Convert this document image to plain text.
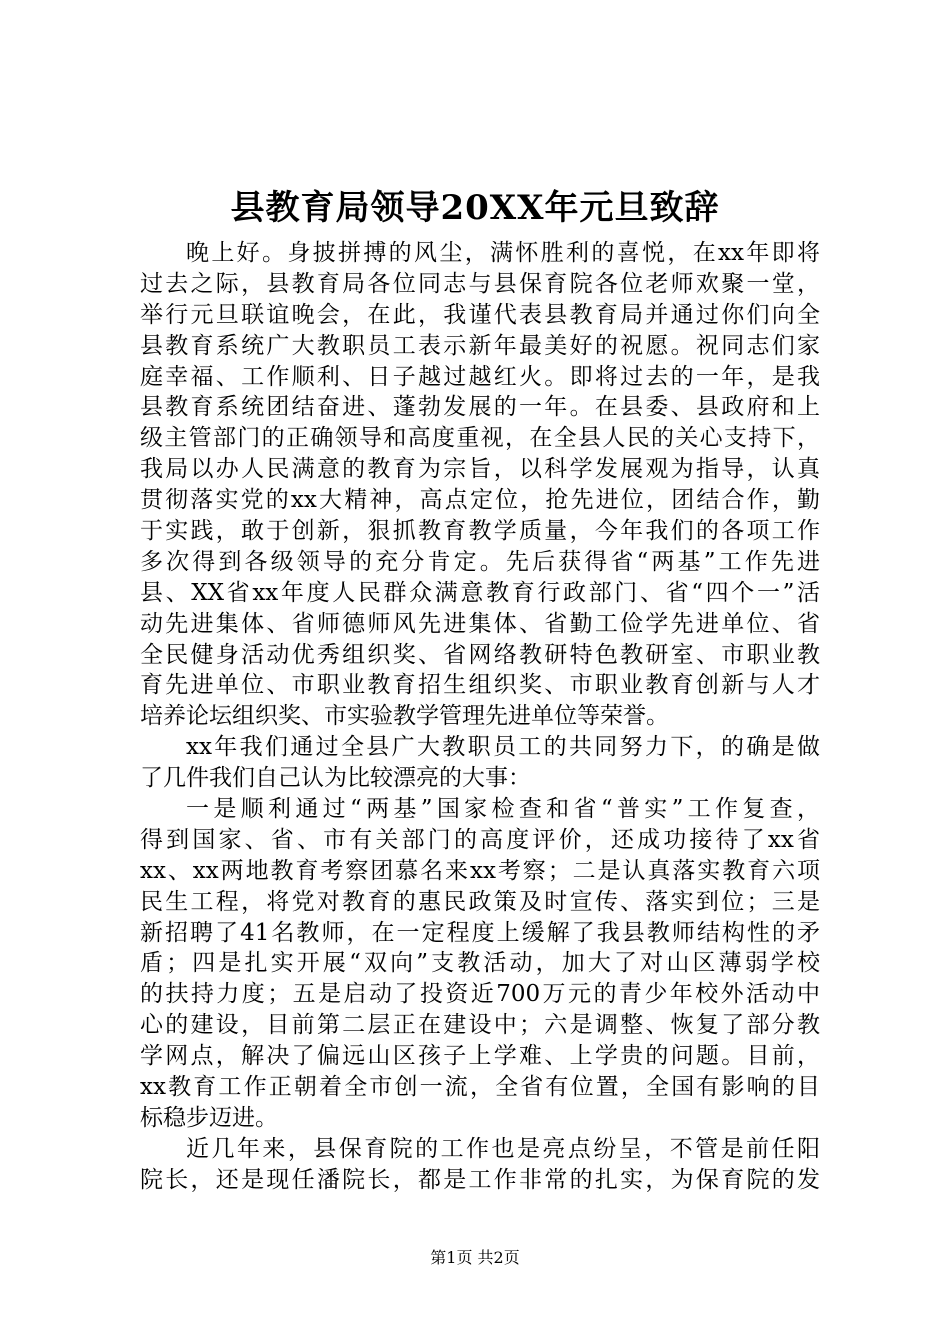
县教育局领导20XX年元旦致辞
晚上好。身披拼搏的风尘，满怀胜利的喜悦，在xx年即将
过去之际，县教育局各位同志与县保育院各位老师欢聚一堂，
举行元旦联谊晚会，在此，我谨代表县教育局并通过你们向全
县教育系统广大教职员工表示新年最美好的祝愿。祝同志们家
庭幸福、工作顺利、日子越过越红火。即将过去的一年，是我
县教育系统团结奋进、蓬勃发展的一年。在县委、县政府和上
级主管部门的正确领导和高度重视，在全县人民的关心支持下，
我局以办人民满意的教育为宗旨，以科学发展观为指导，认真
贯彻落实党的xx大精神，高点定位，抢先进位，团结合作，勤
于实践，敢于创新，狠抓教育教学质量，今年我们的各项工作
多次得到各级领导的充分肯定。先后获得省“两基”工作先进
县、XX省xx年度人民群众满意教育行政部门、省“四个一”活
动先进集体、省师德师风先进集体、省勤工俭学先进单位、省
全民健身活动优秀组织奖、省网络教研特色教研室、市职业教
育先进单位、市职业教育招生组织奖、市职业教育创新与人才
培养论坛组织奖、市实验教学管理先进单位等荣誉。
xx年我们通过全县广大教职员工的共同努力下，的确是做
了几件我们自己认为比较漂亮的大事：
一是顺利通过“两基”国家检查和省“普实”工作复查，
得到国家、省、市有关部门的高度评价，还成功接待了xx省
xx、xx两地教育考察团慕名来xx考察；二是认真落实教育六项
民生工程，将党对教育的惠民政策及时宣传、落实到位；三是
新招聘了41名教师，在一定程度上缓解了我县教师结构性的矛
盾；四是扎实开展“双向”支教活动，加大了对山区薄弱学校
的扶持力度；五是启动了投资近700万元的青少年校外活动中
心的建设，目前第二层正在建设中；六是调整、恢复了部分教
学网点，解决了偏远山区孩子上学难、上学贵的问题。目前，
xx教育工作正朝着全市创一流，全省有位置，全国有影响的目
标稳步迈进。
近几年来，县保育院的工作也是亮点纷呈，不管是前任阳
院长，还是现任潘院长，都是工作非常的扎实，为保育院的发
第1页 共2页
